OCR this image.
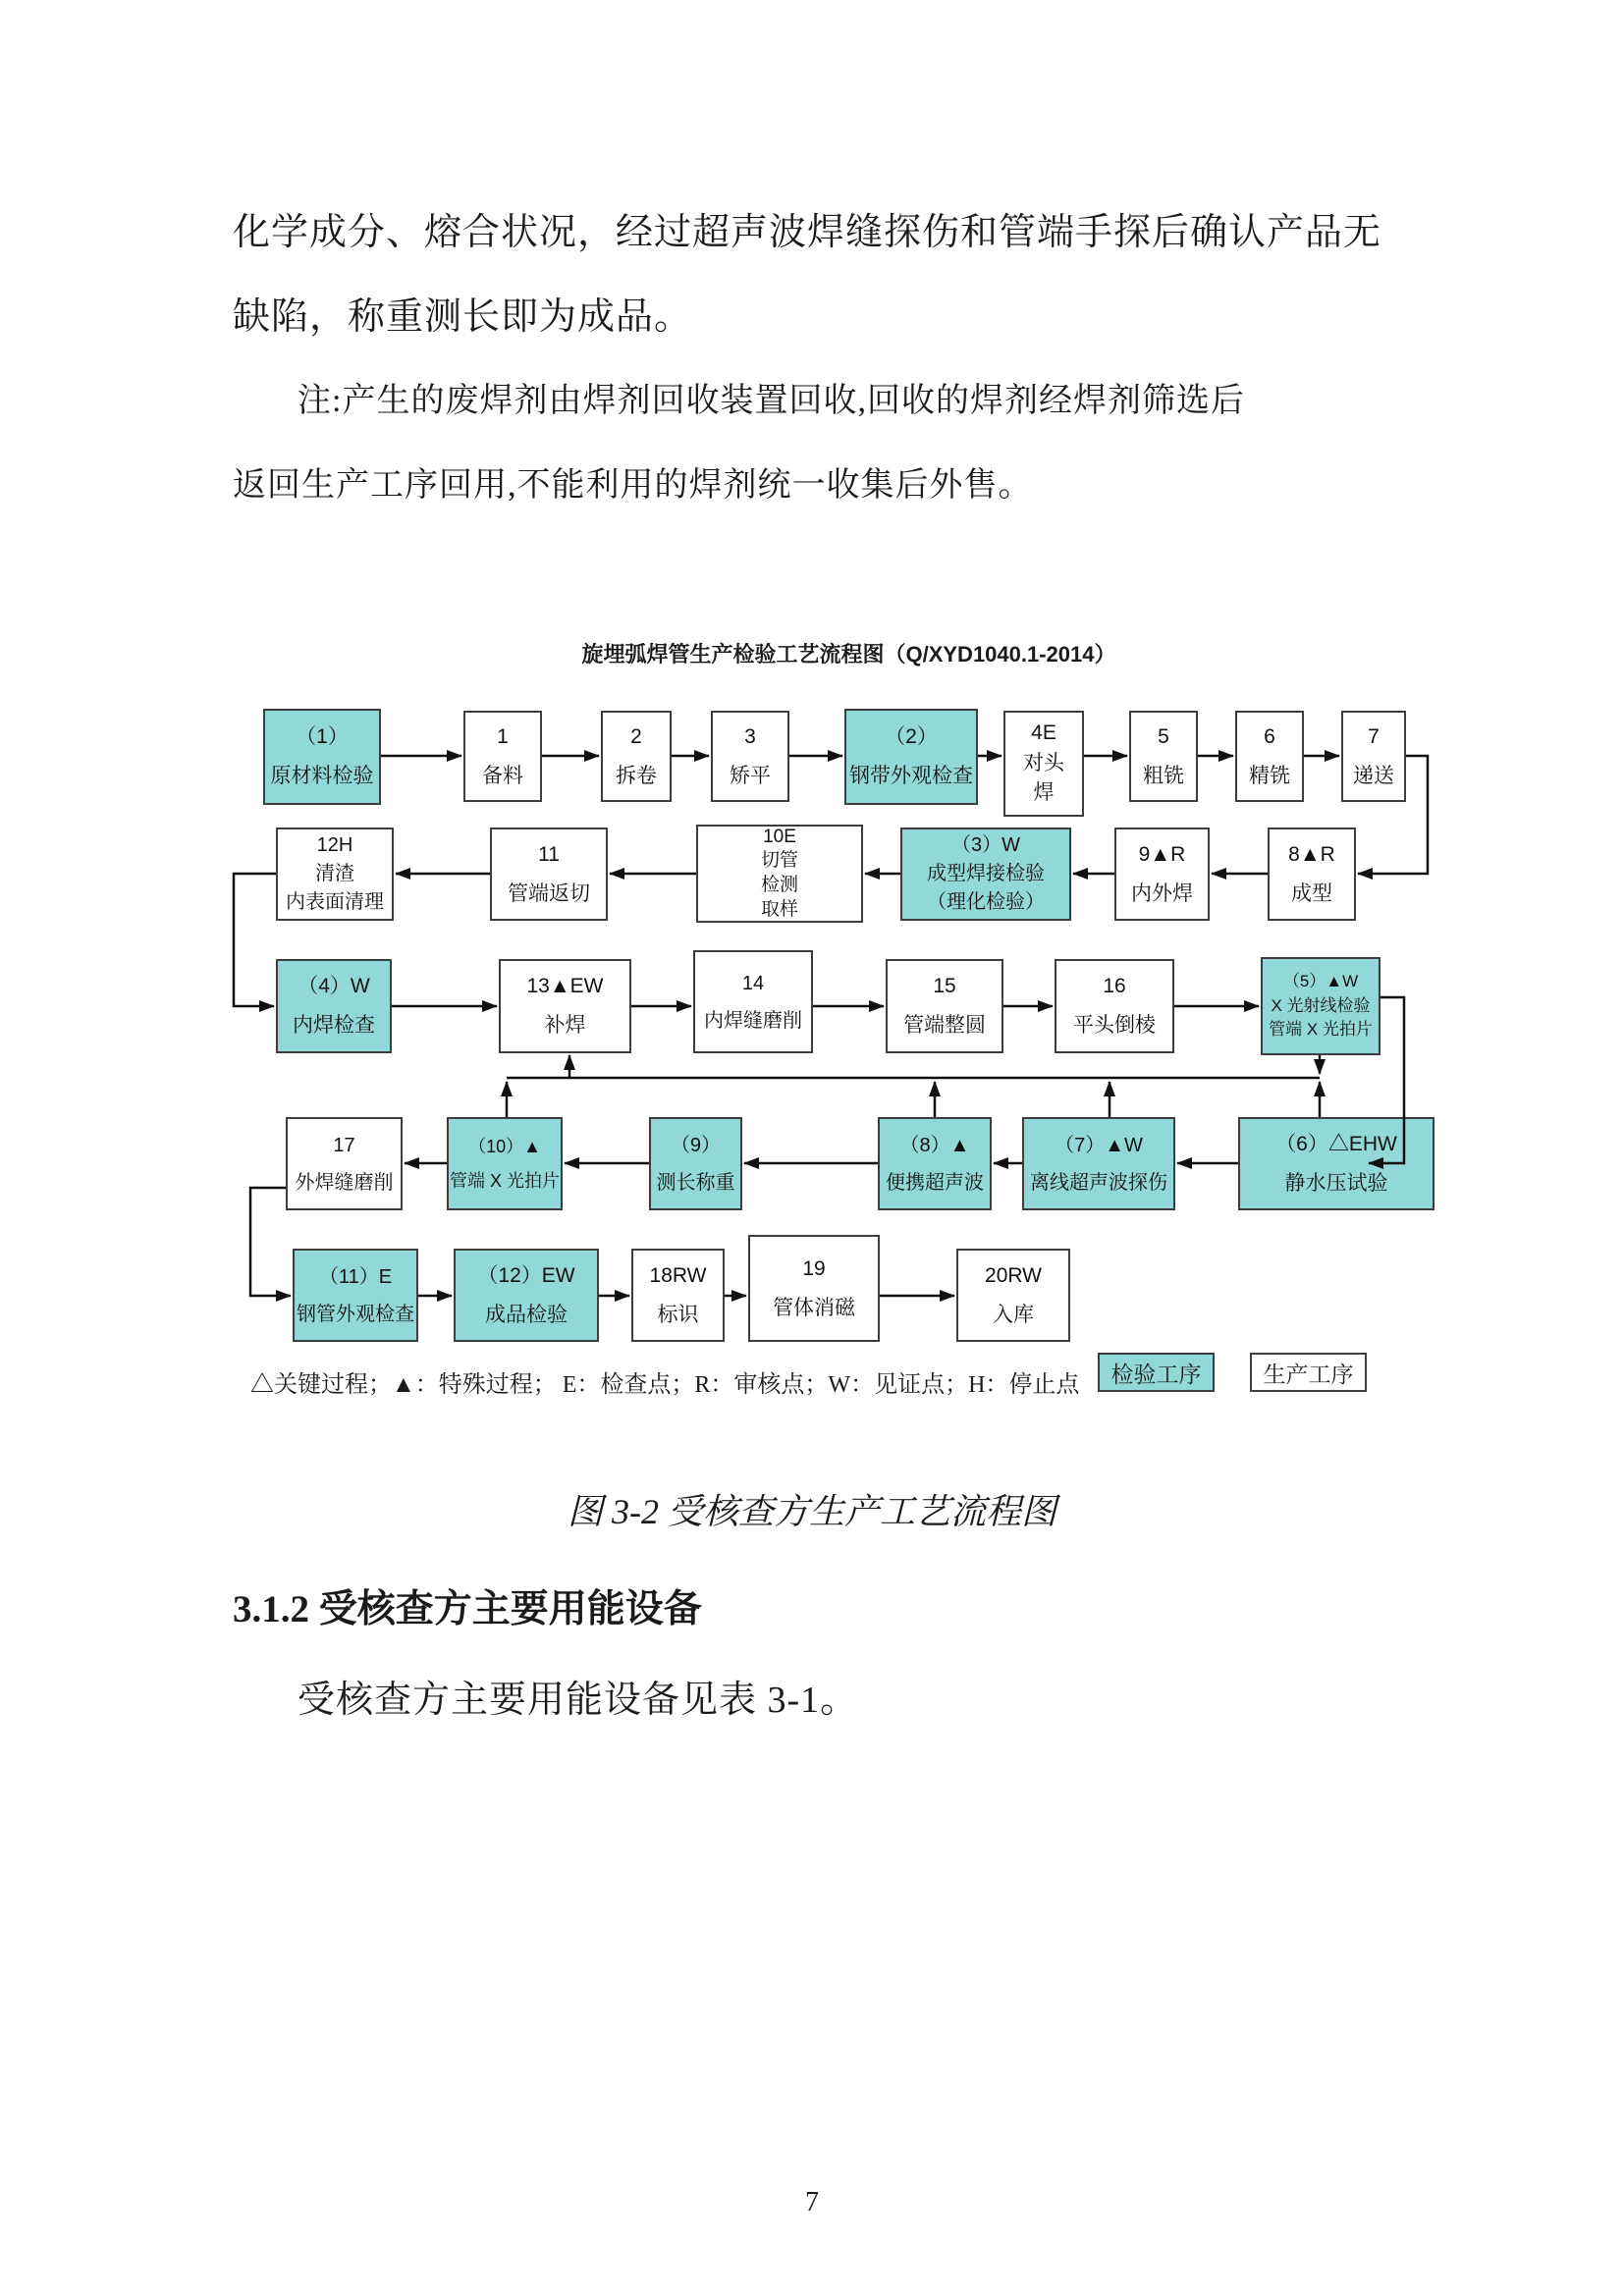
化学成分、熔合状况，经过超声波焊缝探伤和管端手探后确认产品无
缺陷，称重测长即为成品。
注:产生的废焊剂由焊剂回收装置回收,回收的焊剂经焊剂筛选后
返回生产工序回用,不能利用的焊剂统一收集后外售。
旋埋弧焊管生产检验工艺流程图（Q/XYD1040.1-2014）
（1）
原材料检验
1
备料
2
拆卷
3
矫平
（2）
钢带外观检查
4E
对头
焊
5
粗铣
6
精铣
7
递送
12H
清渣
内表面清理
11
管端返切
10E
切管
检测
取样
（3）W
成型焊接检验
（理化检验）
9▲R
内外焊
8▲R
成型
（4）W
内焊检查
13▲EW
补焊
14
内焊缝磨削
15
管端整圆
16
平头倒棱
（5）▲W
X 光射线检验
管端 X 光拍片
17
外焊缝磨削
（10）▲
管端 X 光拍片
（9）
测长称重
（8）▲
便携超声波
（7）▲W
离线超声波探伤
（6）△EHW
静水压试验
（11）E
钢管外观检查
（12）EW
成品检验
18RW
标识
19
管体消磁
20RW
入库
△关键过程；▲：特殊过程； E：检查点；R：审核点；W：见证点；H：停止点	检验工序	生产工序
图 3-2 受核查方生产工艺流程图
3.1.2 受核查方主要用能设备
受核查方主要用能设备见表 3-1。
7
